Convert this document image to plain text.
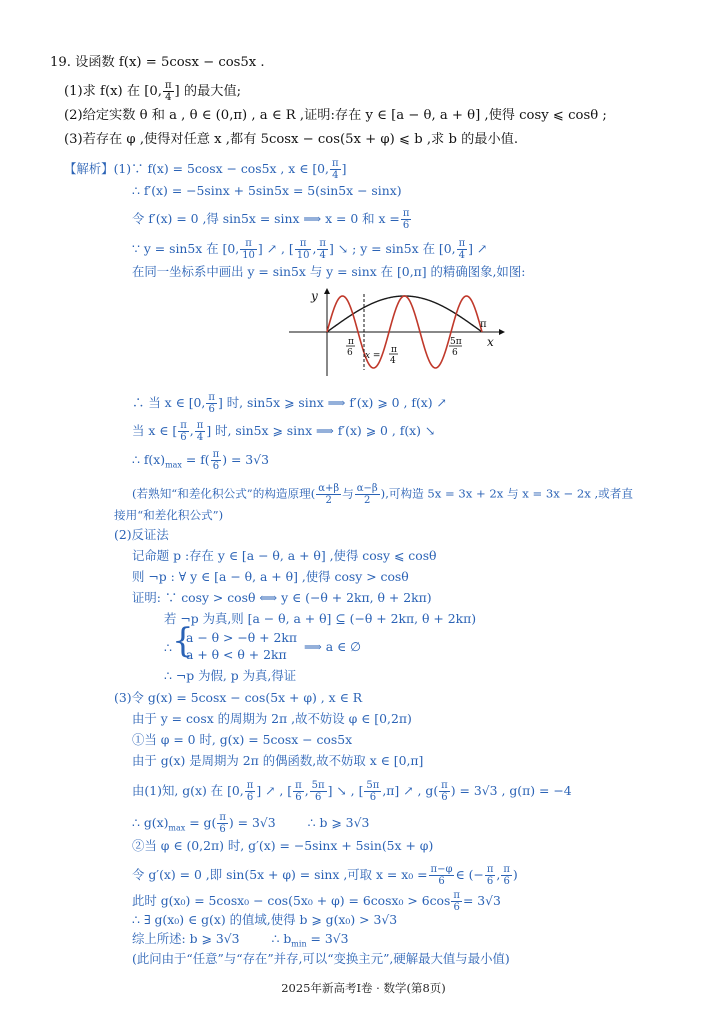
19. 设函数 f(x) = 5cosx − cos5x .
(1)求 f(x) 在 [0, $\frac{\pi}{4}$ ] 的最大值;
(2)给定实数 θ 和 a , θ ∈ (0,π) , a ∈ R ,证明:存在 y ∈ [a − θ, a + θ] ,使得 cosy ⩽ cosθ ;
(3)若存在 φ ,使得对任意 x ,都有 5cosx − cos(5x + φ) ⩽ b ,求 b 的最小值.
【解析】(1)∵ f(x) = 5cosx − cos5x , x ∈ [0, $\frac{\pi}{4}$ ]
∴ f′(x) = −5sinx + 5sin5x = 5(sin5x − sinx)
令 f′(x) = 0 ,得 sin5x = sinx ⟹ x = 0 和 $x = \frac{\pi}{6}$
∵ y = sin5x 在 [0, $\frac{\pi}{10}$ ] ↗ , [ $\frac{\pi}{10}$ , $\frac{\pi}{4}$ ] ↘ ; y = sin5x 在 [0, $\frac{\pi}{4}$ ] ↗
在同一坐标系中画出 y = sin5x 与 y = sinx 在 [0,π] 的精确图象,如图:
y
x
π
π
6 x =
π
4
5π
6
∴ 当 x ∈ [0, $\frac{\pi}{6}$ ] 时, sin5x ⩾ sinx ⟹ f′(x) ⩾ 0 , f(x) ↗
当 x ∈ [ $\frac{\pi}{6}$ , $\frac{\pi}{4}$ ] 时, sin5x ⩾ sinx ⟹ f′(x) ⩾ 0 , f(x) ↘
∴ $f(x)_{max} = f( \frac{\pi}{6}$ ) = 3√3
(若熟知“和差化积公式”的构造原理( $\frac{\alpha+\beta}{2}$ 与 $\frac{\alpha-\beta}{2}$ ),可构造 5x = 3x + 2x 与 x = 3x − 2x ,或者直
接用“和差化积公式”)
(2)反证法
记命题 p :存在 y ∈ [a − θ, a + θ] ,使得 cosy ⩽ cosθ
则 ¬p : ∀ y ∈ [a − θ, a + θ] ,使得 cosy > cosθ
证明: ∵ cosy > cosθ ⟺ y ∈ (−θ + 2kπ, θ + 2kπ)
若 ¬p 为真,则 [a − θ, a + θ] ⊆ (−θ + 2kπ, θ + 2kπ)
∴ {
a − θ > −θ + 2kπ
a + θ < θ + 2kπ
⟹ a ∈ ∅
∴ ¬p 为假, p 为真,得证
(3)令 g(x) = 5cosx − cos(5x + φ) , x ∈ R
由于 y = cosx 的周期为 2π ,故不妨设 φ ∈ [0,2π)
①当 φ = 0 时, g(x) = 5cosx − cos5x
由于 g(x) 是周期为 2π 的偶函数,故不妨取 x ∈ [0,π]
由(1)知, g(x) 在 [0, $\frac{\pi}{6}$ ] ↗ , [ $\frac{\pi}{6}$ , $\frac{5\pi}{6}$ ] ↘ , [ $\frac{5\pi}{6} ,\pi$] ↗ , $g( \frac{\pi}{6}$ ) = 3√3 , g(π) = −4
∴ $g(x)_{max} = g( \frac{\pi}{6}$ ) = 3√3	∴ b ⩾ 3√3
②当 φ ∈ (0,2π) 时, g′(x) = −5sinx + 5sin(5x + φ)
令 g′(x) = 0 ,即 sin(5x + φ) = sinx ,可取 $x = x_0 = \frac{\pi-\varphi}{6}$ ∈ (− $\frac{\pi}{6}$ , $\frac{\pi}{6}$ )
此时 $g(x_0) = 5\cos x_0 - \cos(5x_0 + \varphi) = 6\cos x_0 > 6\cos \frac{\pi}{6} = 3√3$
∴ ∃ g(x₀) ∈ g(x) 的值域,使得 b ⩾ g(x₀) > 3√3
综上所述: b ⩾ 3√3	∴ $b_{min} = 3√3$
(此问由于“任意”与“存在”并存,可以“变换主元”,硬解最大值与最小值)
2025年新高考Ⅰ卷 · 数学(第8页)
